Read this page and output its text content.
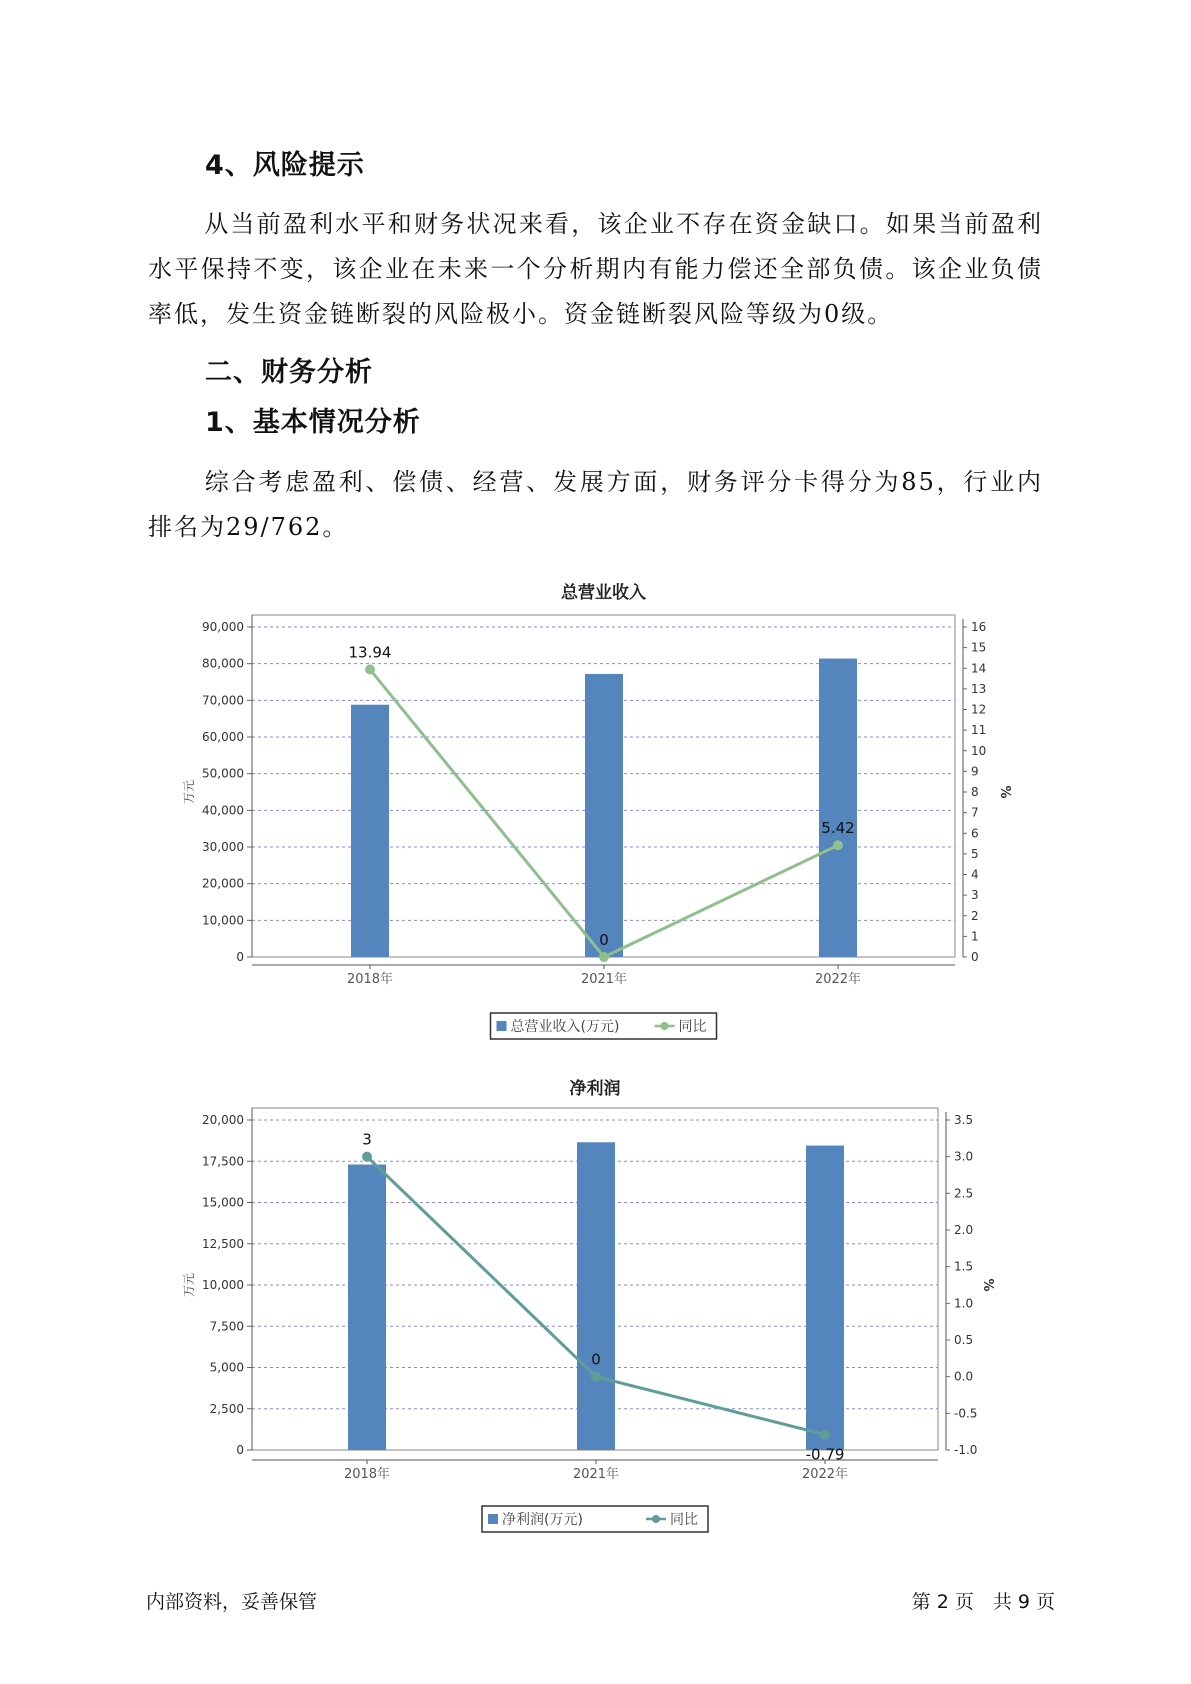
4、风险提示

从当前盈利水平和财务状况来看，该企业不存在资金缺口。如果当前盈利水平保持不变，该企业在未来一个分析期内有能力偿还全部负债。该企业负债率低，发生资金链断裂的风险极小。资金链断裂风险等级为0级。

二、财务分析
1、基本情况分析

综合考虑盈利、偿债、经营、发展方面，财务评分卡得分为85，行业内排名为29/762。

总营业收入
0
10,000
20,000
30,000
40,000
50,000
60,000
70,000
80,000
90,000
0
1
2
3
4
5
6
7
8
9
10
11
12
13
14
15
16
万元	%
2018年	2021年	2022年
13.94
0
5.42
总营业收入(万元)	同比
净利润
0
2,500
5,000
7,500
10,000
12,500
15,000
17,500
20,000
-1.0
-0.5
0.0
0.5
1.0
1.5
2.0
2.5
3.0
3.5
万元	%
2018年	2021年	2022年
3
0
-0.79
净利润(万元)	同比
内部资料，妥善保管	第 2 页　共 9 页
